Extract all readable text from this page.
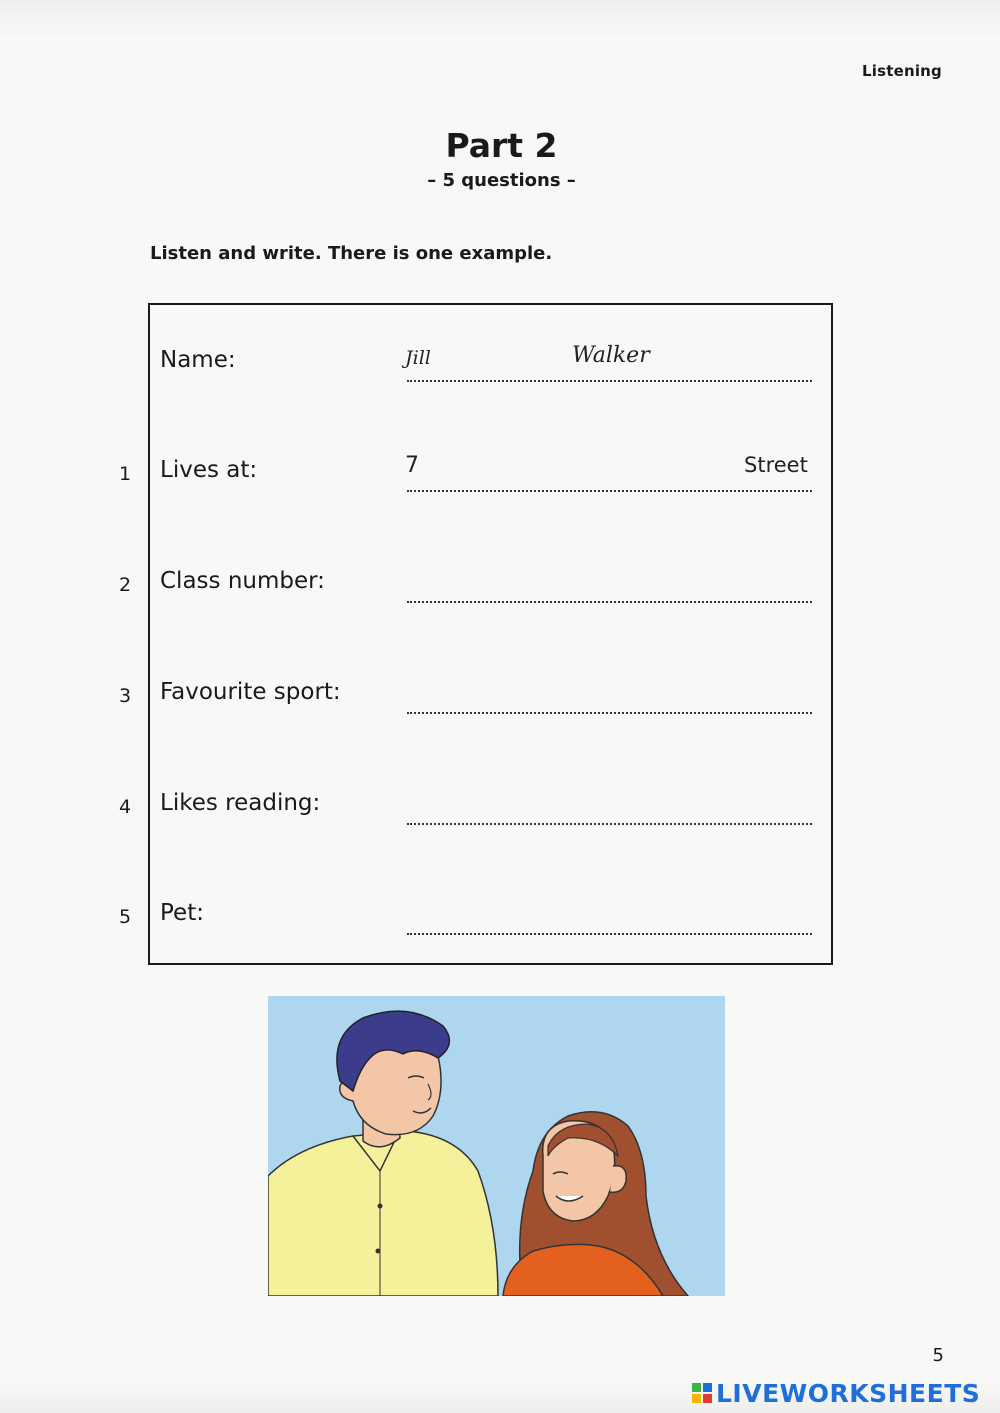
Listening
Part 2
– 5 questions –
Listen and write. There is one example.
Name:	Jill	Walker
1	Lives at:	7	Street
2	Class number:
3	Favourite sport:
4	Likes reading:
5	Pet:
5
LIVEWORKSHEETS
